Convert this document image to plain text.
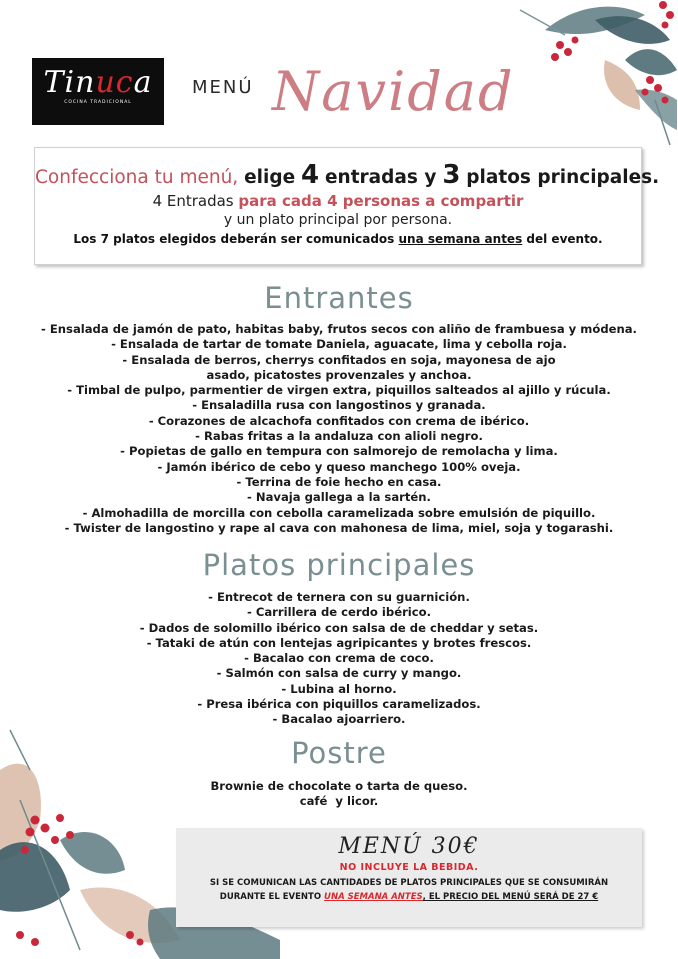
Tinuca
COCINA TRADICIONAL
MENÚ Navidad
Confecciona tu menú, elige 4 entradas y 3 platos principales.
4 Entradas para cada 4 personas a compartir
y un plato principal por persona.
Los 7 platos elegidos deberán ser comunicados una semana antes del evento.
Entrantes
- Ensalada de jamón de pato, habitas baby, frutos secos con aliño de frambuesa y módena.
- Ensalada de tartar de tomate Daniela, aguacate, lima y cebolla roja.
- Ensalada de berros, cherrys confitados en soja, mayonesa de ajo asado, picatostes provenzales y anchoa.
- Timbal de pulpo, parmentier de virgen extra, piquillos salteados al ajillo y rúcula.
- Ensaladilla rusa con langostinos y granada.
- Corazones de alcachofa confitados con crema de ibérico.
- Rabas fritas a la andaluza con alioli negro.
- Popietas de gallo en tempura con salmorejo de remolacha y lima.
- Jamón ibérico de cebo y queso manchego 100% oveja.
- Terrina de foie hecho en casa.
- Navaja gallega a la sartén.
- Almohadilla de morcilla con cebolla caramelizada sobre emulsión de piquillo.
- Twister de langostino y rape al cava con mahonesa de lima, miel, soja y togarashi.
Platos principales
- Entrecot de ternera con su guarnición.
- Carrillera de cerdo ibérico.
- Dados de solomillo ibérico con salsa de de cheddar y setas.
- Tataki de atún con lentejas agripicantes y brotes frescos.
- Bacalao con crema de coco.
- Salmón con salsa de curry y mango.
- Lubina al horno.
- Presa ibérica con piquillos caramelizados.
- Bacalao ajoarriero.
Postre
Brownie de chocolate o tarta de queso.
café  y licor.
MENÚ 30€
NO INCLUYE LA BEBIDA.
SI SE COMUNICAN LAS CANTIDADES DE PLATOS PRINCIPALES QUE SE CONSUMIRÁN
DURANTE EL EVENTO UNA SEMANA ANTES, EL PRECIO DEL MENÚ SERÁ DE 27 €
